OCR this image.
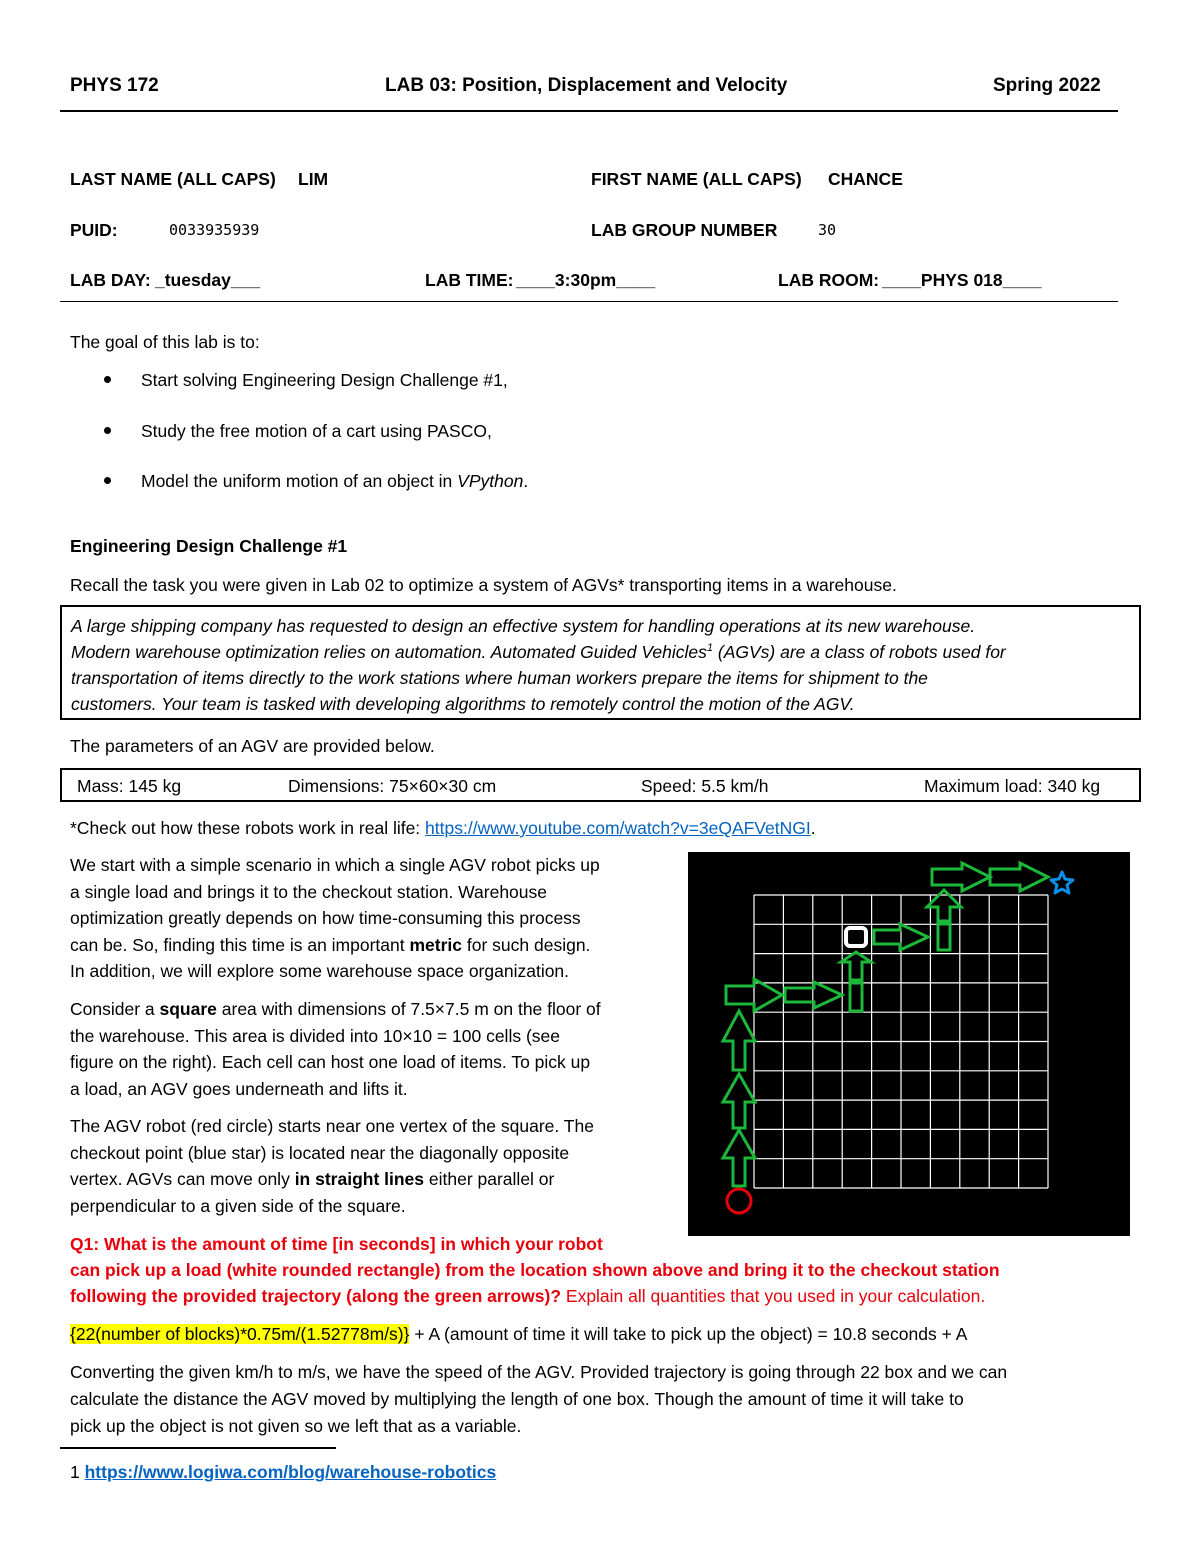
PHYS 172	LAB 03: Position, Displacement and Velocity	Spring 2022
LAST NAME (ALL CAPS) LIM	FIRST NAME (ALL CAPS) CHANCE
PUID:	0033935939	LAB GROUP NUMBER	30
LAB DAY: _tuesday___	LAB TIME: ____3:30pm____	LAB ROOM: ____PHYS 018____
The goal of this lab is to:
Start solving Engineering Design Challenge #1,
Study the free motion of a cart using PASCO,
Model the uniform motion of an object in VPython.
Engineering Design Challenge #1
Recall the task you were given in Lab 02 to optimize a system of AGVs* transporting items in a warehouse.
A large shipping company has requested to design an effective system for handling operations at its new warehouse.
Modern warehouse optimization relies on automation. Automated Guided Vehicles$^1$ (AGVs) are a class of robots used for
transportation of items directly to the work stations where human workers prepare the items for shipment to the
customers. Your team is tasked with developing algorithms to remotely control the motion of the AGV.
The parameters of an AGV are provided below.
Mass: 145 kg	Dimensions: 75×60×30 cm	Speed: 5.5 km/h	Maximum load: 340 kg
*Check out how these robots work in real life: https://www.youtube.com/watch?v=3eQAFVetNGI.
We start with a simple scenario in which a single AGV robot picks up
a single load and brings it to the checkout station. Warehouse
optimization greatly depends on how time-consuming this process
can be. So, finding this time is an important metric for such design.
In addition, we will explore some warehouse space organization.
Consider a square area with dimensions of 7.5×7.5 m on the floor of
the warehouse. This area is divided into 10×10 = 100 cells (see
figure on the right). Each cell can host one load of items. To pick up
a load, an AGV goes underneath and lifts it.
The AGV robot (red circle) starts near one vertex of the square. The
checkout point (blue star) is located near the diagonally opposite
vertex. AGVs can move only in straight lines either parallel or
perpendicular to a given side of the square.
Q1: What is the amount of time [in seconds] in which your robot
can pick up a load (white rounded rectangle) from the location shown above and bring it to the checkout station
following the provided trajectory (along the green arrows)? Explain all quantities that you used in your calculation.
{22(number of blocks)*0.75m/(1.52778m/s)} + A (amount of time it will take to pick up the object) = 10.8 seconds + A
Converting the given km/h to m/s, we have the speed of the AGV. Provided trajectory is going through 22 box and we can
calculate the distance the AGV moved by multiplying the length of one box. Though the amount of time it will take to
pick up the object is not given so we left that as a variable.
1 https://www.logiwa.com/blog/warehouse-robotics
